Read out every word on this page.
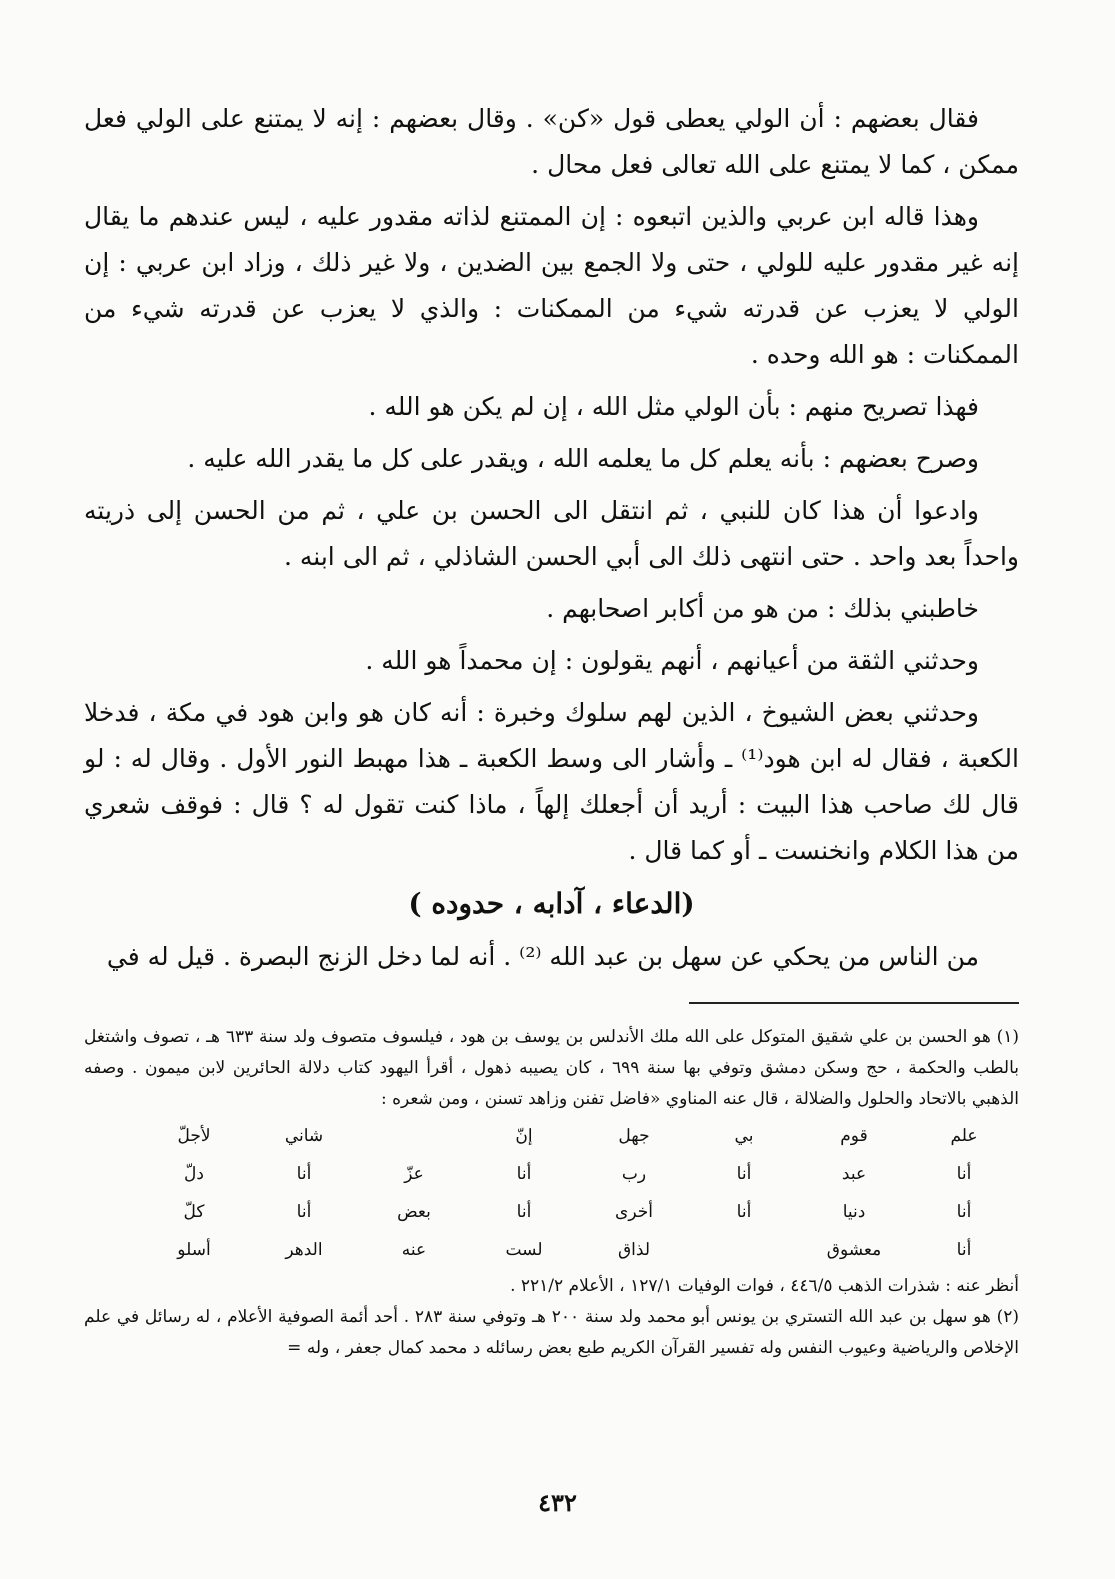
فقال بعضهم : أن الولي يعطى قول «كن» . وقال بعضهم : إنه لا يمتنع على الولي فعل ممكن ، كما لا يمتنع على الله تعالى فعل محال .

وهذا قاله ابن عربي والذين اتبعوه : إن الممتنع لذاته مقدور عليه ، ليس عندهم ما يقال إنه غير مقدور عليه للولي ، حتى ولا الجمع بين الضدين ، ولا غير ذلك ، وزاد ابن عربي : إن الولي لا يعزب عن قدرته شيء من الممكنات : والذي لا يعزب عن قدرته شيء من الممكنات : هو الله وحده .

فهذا تصريح منهم : بأن الولي مثل الله ، إن لم يكن هو الله .

وصرح بعضهم : بأنه يعلم كل ما يعلمه الله ، ويقدر على كل ما يقدر الله عليه .

وادعوا أن هذا كان للنبي ، ثم انتقل الى الحسن بن علي ، ثم من الحسن إلى ذريته واحداً بعد واحد . حتى انتهى ذلك الى أبي الحسن الشاذلي ، ثم الى ابنه .

خاطبني بذلك : من هو من أكابر اصحابهم .

وحدثني الثقة من أعيانهم ، أنهم يقولون : إن محمداً هو الله .

وحدثني بعض الشيوخ ، الذين لهم سلوك وخبرة : أنه كان هو وابن هود في مكة ، فدخلا الكعبة ، فقال له ابن هود⁽¹⁾ ـ وأشار الى وسط الكعبة ـ هذا مهبط النور الأول . وقال له : لو قال لك صاحب هذا البيت : أريد أن أجعلك إلهاً ، ماذا كنت تقول له ؟ قال : فوقف شعري من هذا الكلام وانخنست ـ أو كما قال .

(الدعاء ، آدابه ، حدوده )

من الناس من يحكي عن سهل بن عبد الله ⁽²⁾ . أنه لما دخل الزنج البصرة . قيل له في

(١) هو الحسن بن علي شقيق المتوكل على الله ملك الأندلس بن يوسف بن هود ، فيلسوف متصوف ولد سنة ٦٣٣ هـ ، تصوف واشتغل بالطب والحكمة ، حج وسكن دمشق وتوفي بها سنة ٦٩٩ ، كان يصيبه ذهول ، أقرأ اليهود كتاب دلالة الحائرين لابن ميمون . وصفه الذهبي بالاتحاد والحلول والضلالة ، قال عنه المناوي «فاضل تفنن وزاهد تسنن ، ومن شعره :

علم
قوم
بي
جهل
إنّ
شاني
لأجلّ
أنا
عبد
أنا
رب
أنا
عزّ
أنا
دلّ
أنا
دنيا
أنا
أخرى
أنا
بعض
أنا
كلّ
أنا
معشوق
لذاق
لست
عنه
الدهر
أسلو

أنظر عنه : شذرات الذهب ٤٤٦/٥ ، فوات الوفيات ١٢٧/١ ، الأعلام ٢٢١/٢ .

(٢) هو سهل بن عبد الله التستري بن يونس أبو محمد ولد سنة ٢٠٠ هـ وتوفي سنة ٢٨٣ . أحد أئمة الصوفية الأعلام ، له رسائل في علم الإخلاص والرياضية وعيوب النفس وله تفسير القرآن الكريم طبع بعض رسائله د محمد كمال جعفر ، وله =

٤٣٢
